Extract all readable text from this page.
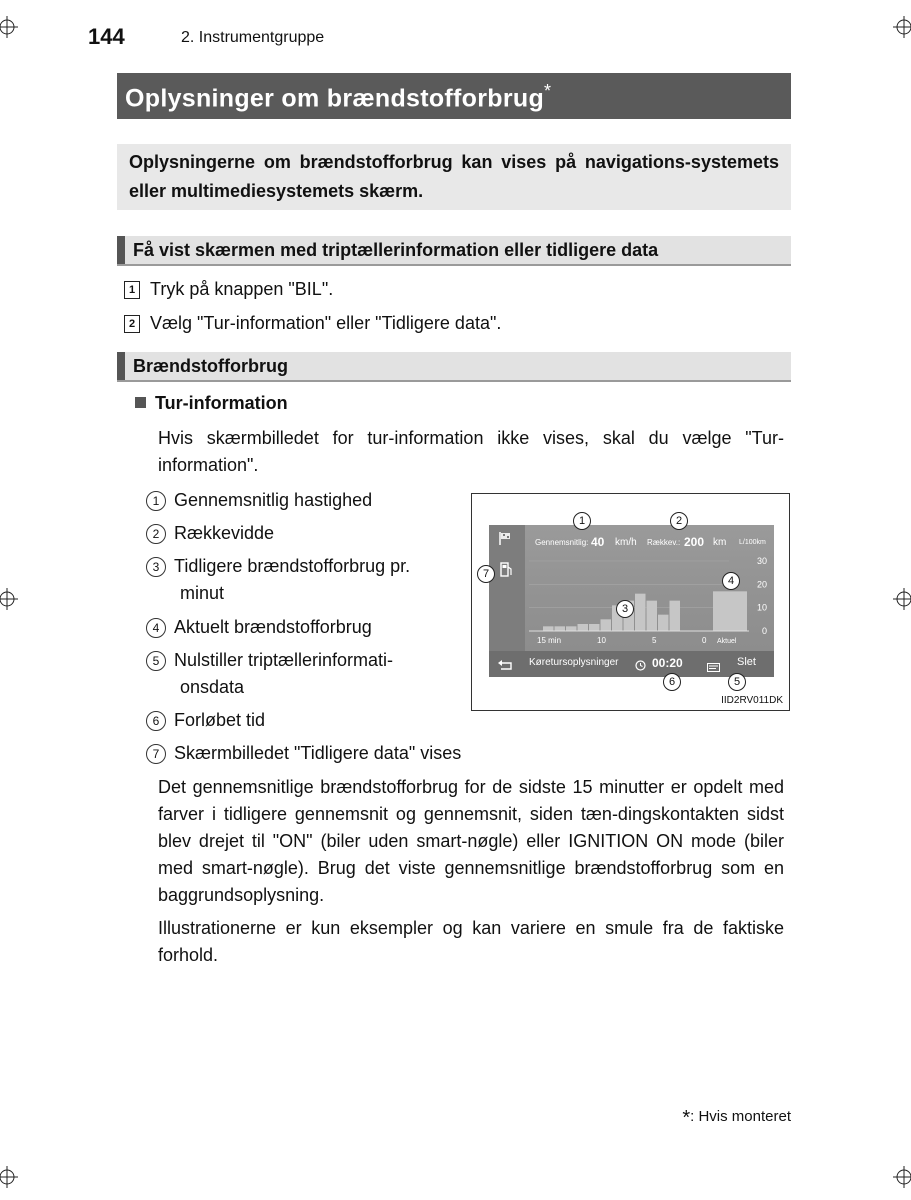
144	2. Instrumentgruppe
Oplysninger om brændstofforbrug*
Oplysningerne om brændstofforbrug kan vises på navigations-systemets eller multimediesystemets skærm.
Få vist skærmen med triptællerinformation eller tidligere data
1 Tryk på knappen "BIL".
2 Vælg "Tur-information" eller "Tidligere data".
Brændstofforbrug
Tur-information
Hvis skærmbilledet for tur-information ikke vises, skal du vælge "Tur-information".
1 Gennemsnitlig hastighed
2 Rækkevidde
3 Tidligere brændstofforbrug pr.
minut
4 Aktuelt brændstofforbrug
5 Nulstiller triptællerinformati-
onsdata
6 Forløbet tid
7 Skærmbilledet "Tidligere data" vises
Det gennemsnitlige brændstofforbrug for de sidste 15 minutter er opdelt med farver i tidligere gennemsnit og gennemsnit, siden tæn-dingskontakten sidst blev drejet til "ON" (biler uden smart-nøgle) eller IGNITION ON mode (biler med smart-nøgle). Brug det viste gennemsnitlige brændstofforbrug som en baggrundsoplysning.
Illustrationerne er kun eksempler og kan variere en smule fra de faktiske forhold.
Gennemsnitlig: 40 km/h Rækkev.: 200 km L/100km
30
20
10
0
15 min	10	5	0 Aktuel
Køretursoplysninger	00:20	Slet
1	2
3
4
5
6
7
IID2RV011DK
*: Hvis monteret
